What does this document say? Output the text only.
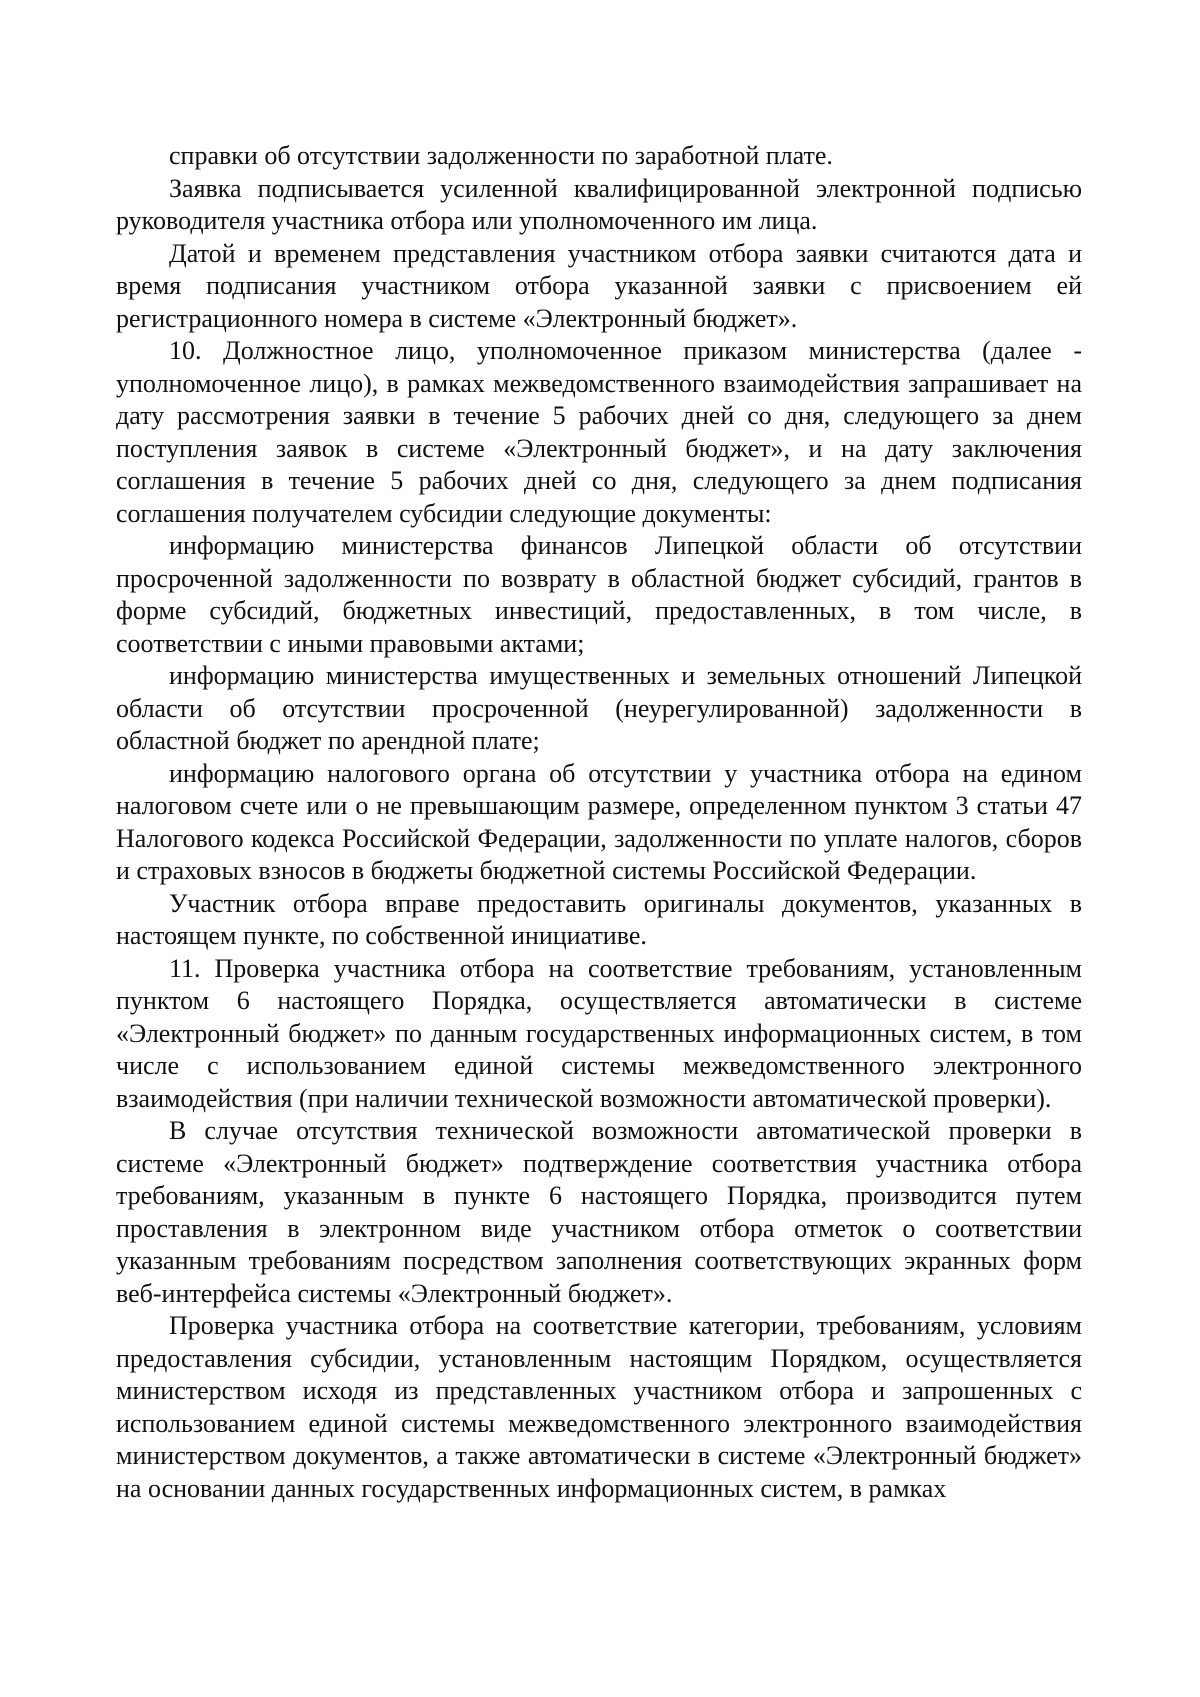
справки об отсутствии задолженности по заработной плате.

Заявка подписывается усиленной квалифицированной электронной подписью руководителя участника отбора или уполномоченного им лица.

Датой и временем представления участником отбора заявки считаются дата и время подписания участником отбора указанной заявки с присвоением ей регистрационного номера в системе «Электронный бюджет».

10. Должностное лицо, уполномоченное приказом министерства (далее - уполномоченное лицо), в рамках межведомственного взаимодействия запрашивает на дату рассмотрения заявки в течение 5 рабочих дней со дня, следующего за днем поступления заявок в системе «Электронный бюджет», и на дату заключения соглашения в течение 5 рабочих дней со дня, следующего за днем подписания соглашения получателем субсидии следующие документы:

информацию министерства финансов Липецкой области об отсутствии просроченной задолженности по возврату в областной бюджет субсидий, грантов в форме субсидий, бюджетных инвестиций, предоставленных, в том числе, в соответствии с иными правовыми актами;

информацию министерства имущественных и земельных отношений Липецкой области об отсутствии просроченной (неурегулированной) задолженности в областной бюджет по арендной плате;

информацию налогового органа об отсутствии у участника отбора на едином налоговом счете или о не превышающим размере, определенном пунктом 3 статьи 47 Налогового кодекса Российской Федерации, задолженности по уплате налогов, сборов и страховых взносов в бюджеты бюджетной системы Российской Федерации.

Участник отбора вправе предоставить оригиналы документов, указанных в настоящем пункте, по собственной инициативе.

11. Проверка участника отбора на соответствие требованиям, установленным пунктом 6 настоящего Порядка, осуществляется автоматически в системе «Электронный бюджет» по данным государственных информационных систем, в том числе с использованием единой системы межведомственного электронного взаимодействия (при наличии технической возможности автоматической проверки).

В случае отсутствия технической возможности автоматической проверки в системе «Электронный бюджет» подтверждение соответствия участника отбора требованиям, указанным в пункте 6 настоящего Порядка, производится путем проставления в электронном виде участником отбора отметок о соответствии указанным требованиям посредством заполнения соответствующих экранных форм веб-интерфейса системы «Электронный бюджет».

Проверка участника отбора на соответствие категории, требованиям, условиям предоставления субсидии, установленным настоящим Порядком, осуществляется министерством исходя из представленных участником отбора и запрошенных с использованием единой системы межведомственного электронного взаимодействия министерством документов, а также автоматически в системе «Электронный бюджет» на основании данных государственных информационных систем, в рамках
